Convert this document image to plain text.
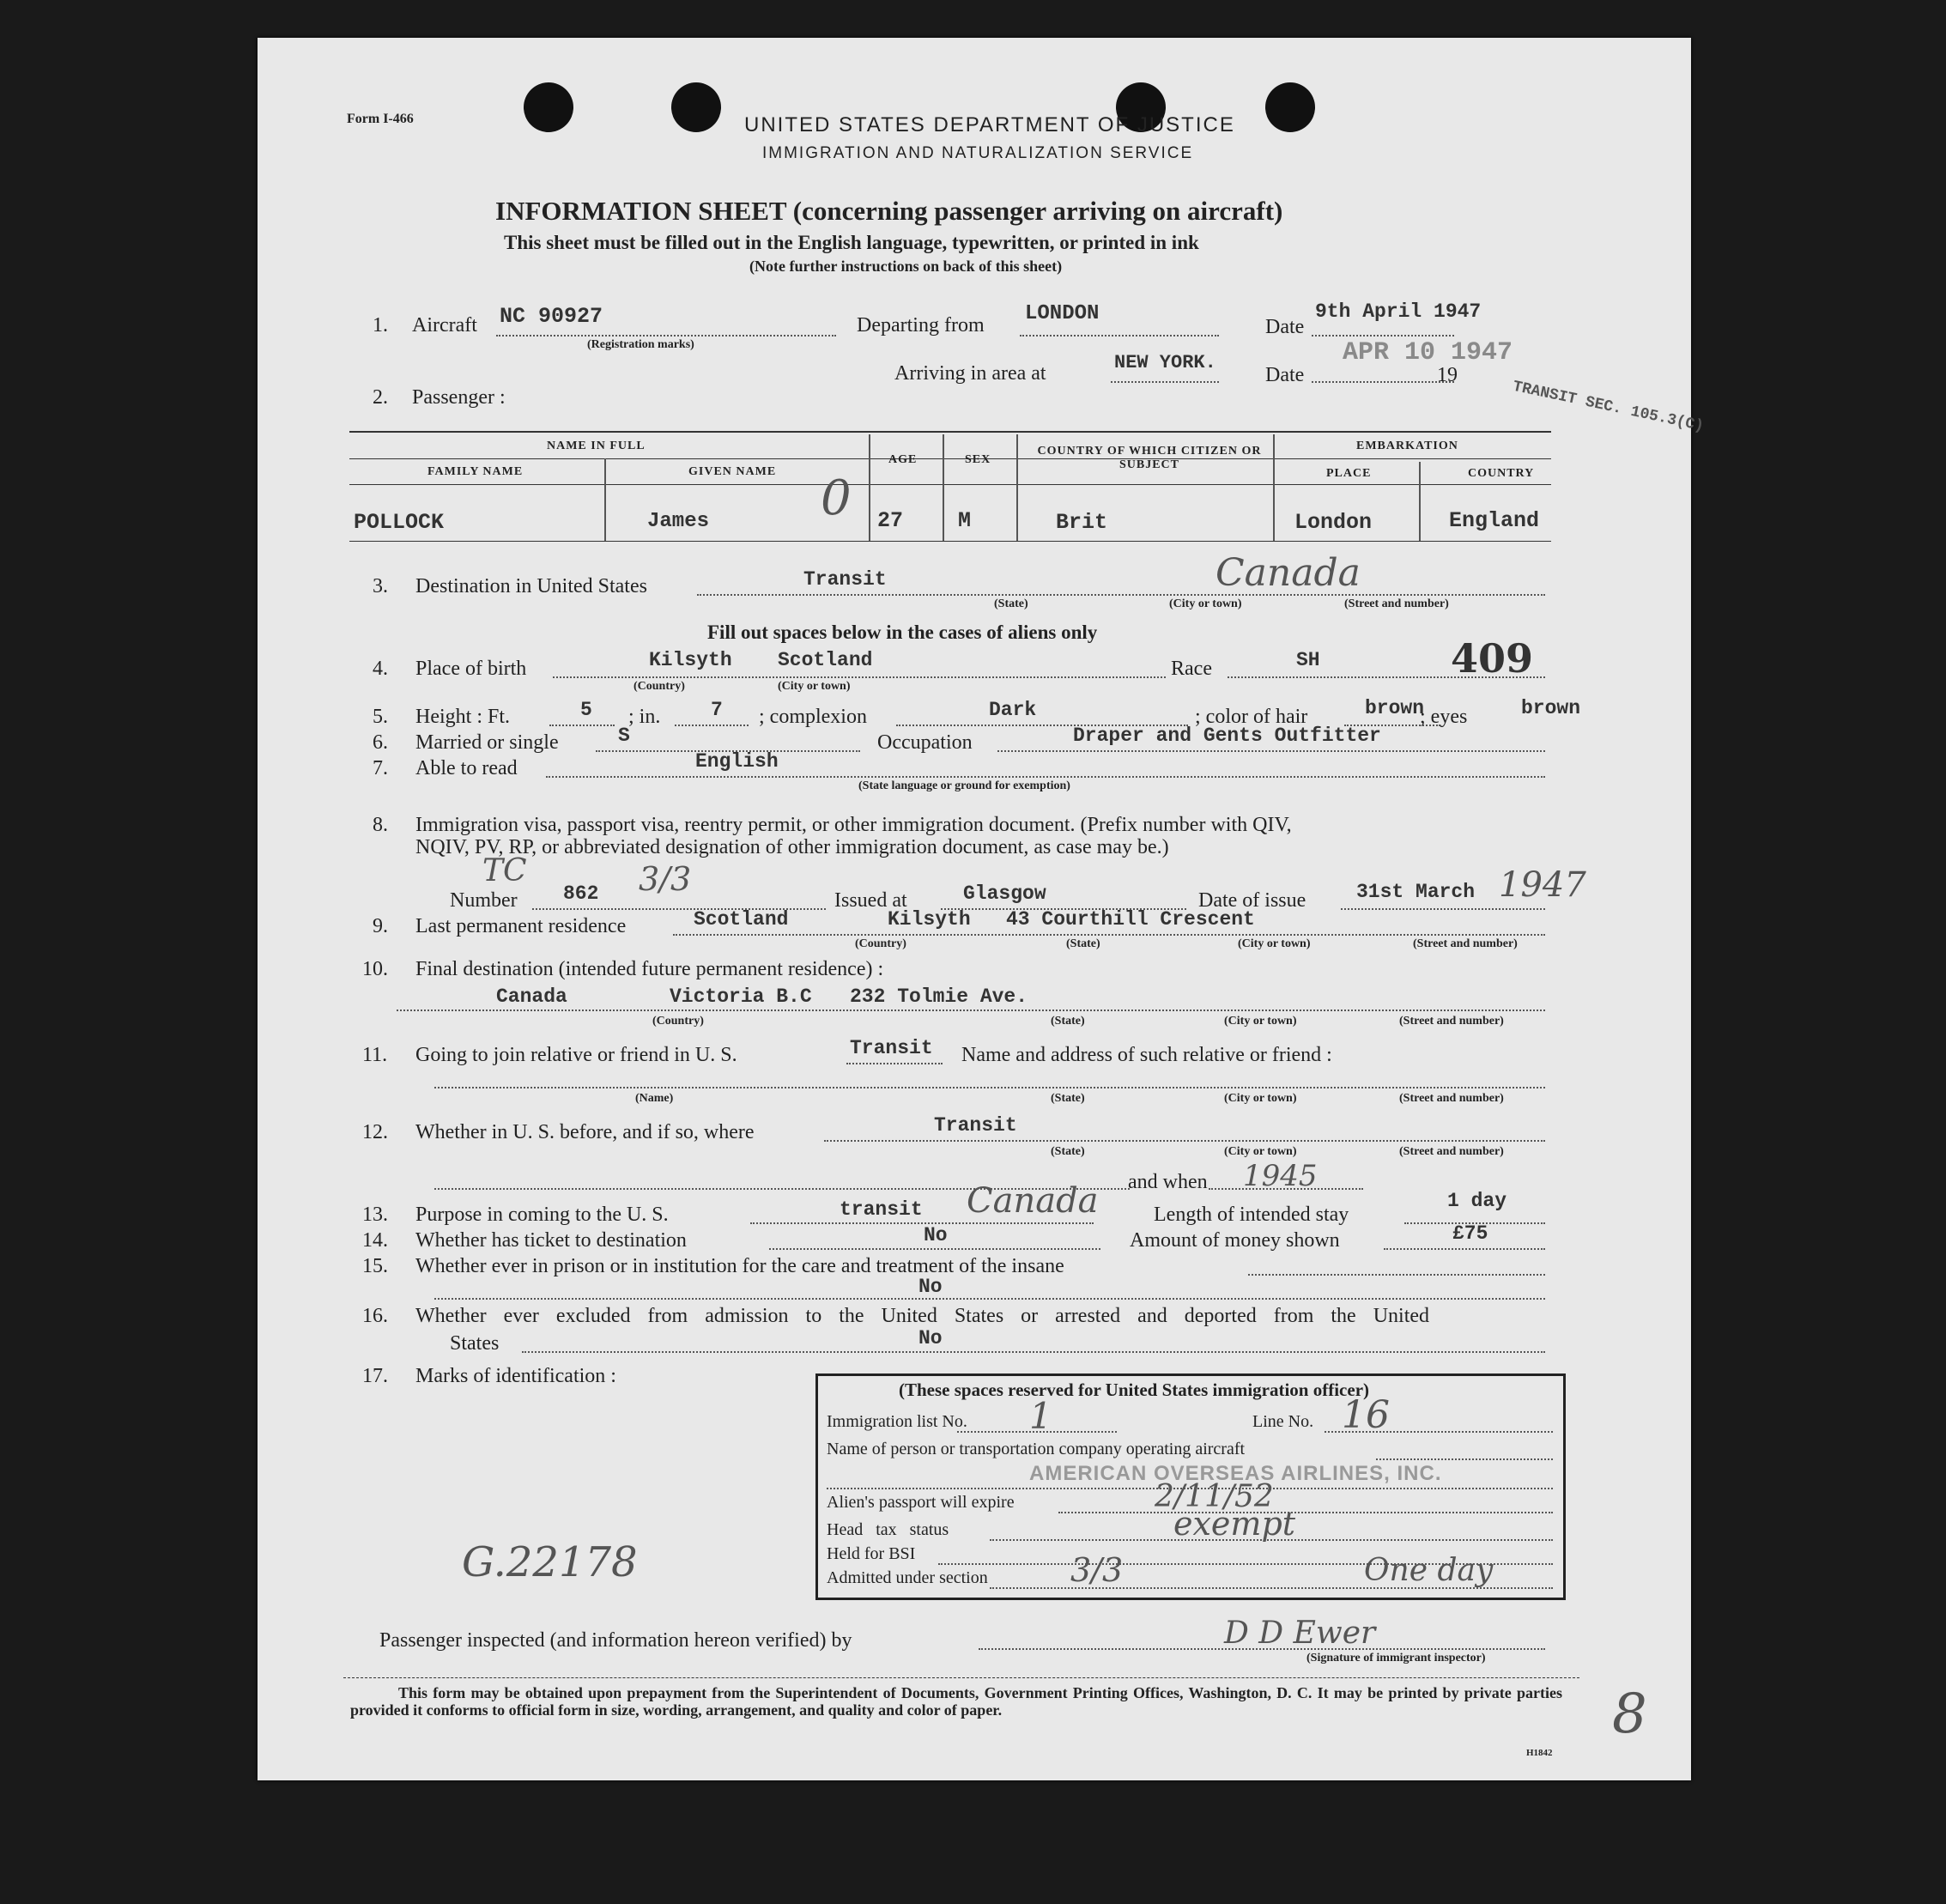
Form I-466	UNITED STATES DEPARTMENT OF JUSTICE
IMMIGRATION AND NATURALIZATION SERVICE
INFORMATION SHEET (concerning passenger arriving on aircraft)
This sheet must be filled out in the English language, typewritten, or printed in ink
(Note further instructions on back of this sheet)
1. Aircraft NC 90927
(Registration marks)
Departing from LONDON
Date
9th April 1947
Arriving in area at	NEW YORK.
Date
APR 10 1947
19
2. Passenger :	TRANSIT SEC. 105.3(C)
NAME IN FULL
FAMILY NAME	GIVEN NAME
AGE	SEX
COUNTRY OF WHICH CITIZEN OR SUBJECT
EMBARKATION
PLACE	COUNTRY
POLLOCK	James 0 27	M	Brit	London	England
3. Destination in United States	Transit	Canada
(State)	(City or town)	(Street and number)
Fill out spaces below in the cases of aliens only
4. Place of birth	Kilsyth Scotland
(Country)	(City or town)
Race	SH	409
5. Height : Ft.	5 ; in.	7 ; complexion	Dark	; color of hair	brown
; eyes	brown
6. Married or single	S	Occupation	Draper and Gents Outfitter
7. Able to read	English
(State language or ground for exemption)
8. Immigration visa, passport visa, reentry permit, or other immigration document. (Prefix number with QIV,
NQIV, PV, RP, or abbreviated designation of other immigration document, as case may be.)
TC
Number 862 3/3
Issued at	Glasgow	Date of issue	31st March 1947
9. Last permanent residence	Scotland	Kilsyth 43 Courthill Crescent
(Country)	(State)	(City or town)	(Street and number)
10. Final destination (intended future permanent residence) :
Canada	Victoria B.C 232 Tolmie Ave.
(Country)	(State)	(City or town)	(Street and number)
11. Going to join relative or friend in U. S.	Transit Name and address of such relative or friend :
(Name)	(State)	(City or town)	(Street and number)
12. Whether in U. S. before, and if so, where	Transit
(State)	(City or town)	(Street and number)
and when 1945
13. Purpose in coming to the U. S.	transit Canada	Length of intended stay
1 day
14. Whether has ticket to destination	No	Amount of money shown	£75
15. Whether ever in prison or in institution for the care and treatment of the insane
No
16. Whether ever excluded from admission to the United States or arrested and deported from the United
States	No
17. Marks of identification :
G.22178
(These spaces reserved for United States immigration officer)
Immigration list No. 1	Line No. 16
Name of person or transportation company operating aircraft
AMERICAN OVERSEAS AIRLINES, INC.
Alien's passport will expire	2/11/52
Head tax status	exempt
Held for BSI
Admitted under section	3/3	One day
Passenger inspected (and information hereon verified) by	D D Ewer
(Signature of immigrant inspector)
This form may be obtained upon prepayment from the Superintendent of Documents, Government Printing Offices, Washington, D. C. It may be printed by private parties provided it conforms to official form in size, wording, arrangement, and quality and color of paper.
H1842
8
